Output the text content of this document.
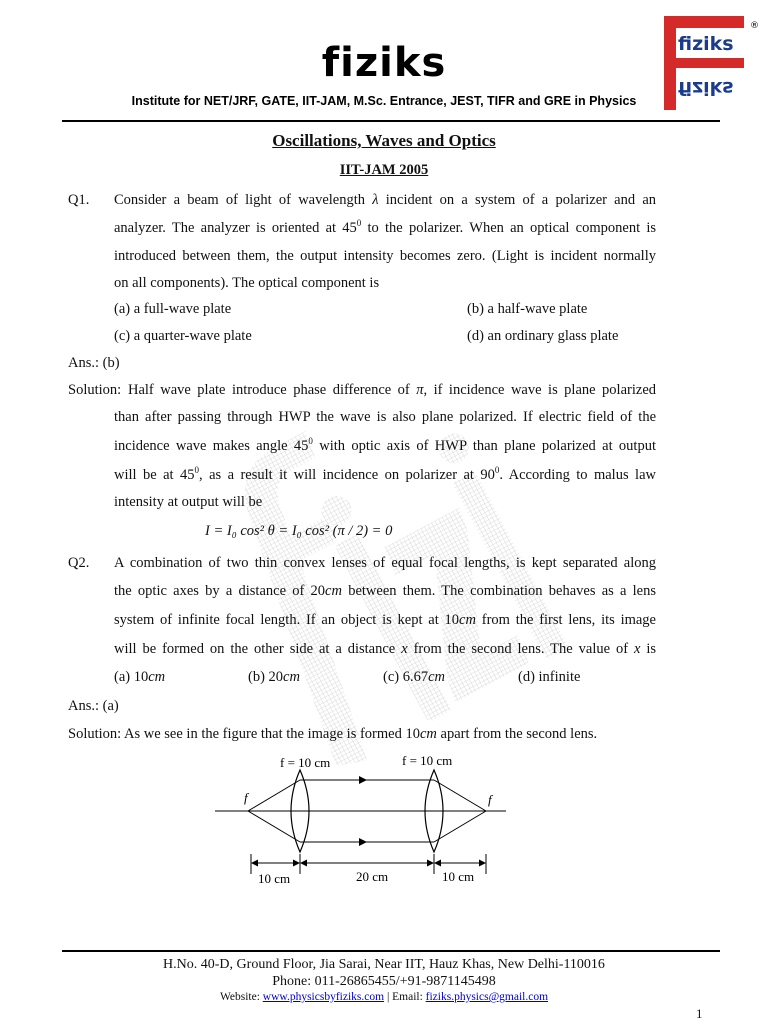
fiziks
Institute for NET/JRF, GATE, IIT-JAM, M.Sc. Entrance, JEST, TIFR and GRE in Physics
fiziks
fiziks
®
Oscillations, Waves and Optics
IIT-JAM 2005
Q1. Consider a beam of light of wavelength λ incident on a system of a polarizer and an
analyzer. The analyzer is oriented at $45^0$ to the polarizer. When an optical component is
introduced between them, the output intensity becomes zero. (Light is incident normally
on all components). The optical component is
(a) a full-wave plate	(b) a half-wave plate
(c) a quarter-wave plate	(d) an ordinary glass plate
Ans.: (b)
Solution: Half wave plate introduce phase difference of π, if incidence wave is plane polarized
than after passing through HWP the wave is also plane polarized. If electric field of the
incidence wave makes angle $45^0$ with optic axis of HWP than plane polarized at output
will be at $45^0$, as a result it will incidence on polarizer at $90^0$. According to malus law
intensity at output will be
I = I₀ cos² θ = I₀ cos² (π / 2) = 0
Q2. A combination of two thin convex lenses of equal focal lengths, is kept separated along
the optic axes by a distance of 20cm between them. The combination behaves as a lens
system of infinite focal length. If an object is kept at 10cm from the first lens, its image
will be formed on the other side at a distance x from the second lens. The value of x is
(a) 10cm	(b) 20cm	(c) 6.67cm	(d) infinite
Ans.: (a)
Solution: As we see in the figure that the image is formed 10cm apart from the second lens.
f = 10 cm	f = 10 cm
f	f
10 cm	20 cm	10 cm
H.No. 40-D, Ground Floor, Jia Sarai, Near IIT, Hauz Khas, New Delhi-110016
Phone: 011-26865455/+91-9871145498
Website: www.physicsbyfiziks.com | Email: fiziks.physics@gmail.com
1
